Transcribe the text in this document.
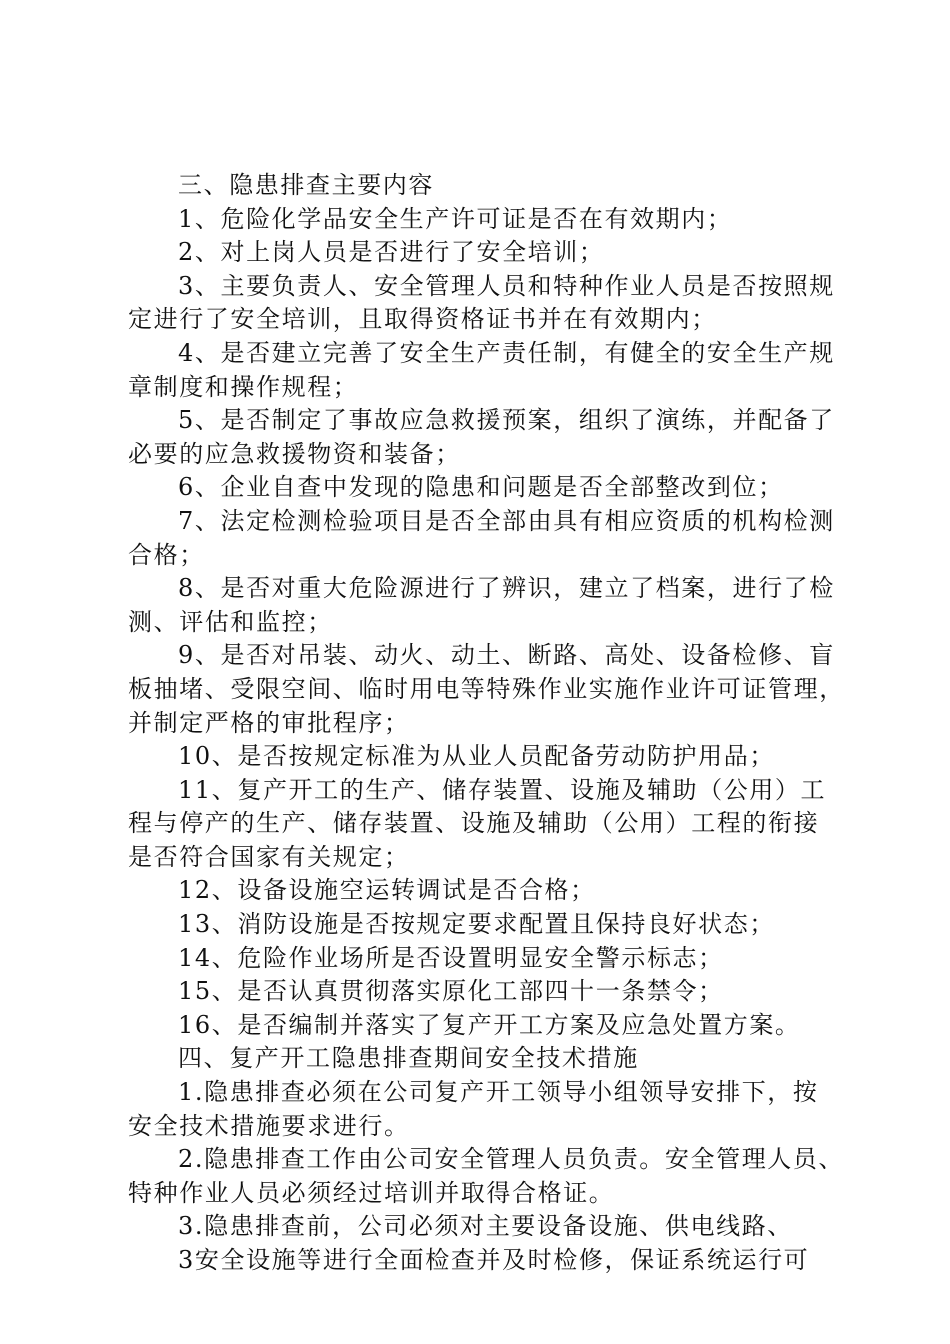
三、隐患排查主要内容
1、危险化学品安全生产许可证是否在有效期内；
2、对上岗人员是否进行了安全培训；
3、主要负责人、安全管理人员和特种作业人员是否按照规
定进行了安全培训，且取得资格证书并在有效期内；
4、是否建立完善了安全生产责任制，有健全的安全生产规
章制度和操作规程；
5、是否制定了事故应急救援预案，组织了演练，并配备了
必要的应急救援物资和装备；
6、企业自查中发现的隐患和问题是否全部整改到位；
7、法定检测检验项目是否全部由具有相应资质的机构检测
合格；
8、是否对重大危险源进行了辨识，建立了档案，进行了检
测、评估和监控；
9、是否对吊装、动火、动土、断路、高处、设备检修、盲
板抽堵、受限空间、临时用电等特殊作业实施作业许可证管理，
并制定严格的审批程序；
10、是否按规定标准为从业人员配备劳动防护用品；
11、复产开工的生产、储存装置、设施及辅助（公用）工
程与停产的生产、储存装置、设施及辅助（公用）工程的衔接
是否符合国家有关规定；
12、设备设施空运转调试是否合格；
13、消防设施是否按规定要求配置且保持良好状态；
14、危险作业场所是否设置明显安全警示标志；
15、是否认真贯彻落实原化工部四十一条禁令；
16、是否编制并落实了复产开工方案及应急处置方案。
四、复产开工隐患排查期间安全技术措施
1.隐患排查必须在公司复产开工领导小组领导安排下，按
安全技术措施要求进行。
2.隐患排查工作由公司安全管理人员负责。安全管理人员、
特种作业人员必须经过培训并取得合格证。
3.隐患排查前，公司必须对主要设备设施、供电线路、
3安全设施等进行全面检查并及时检修，保证系统运行可
